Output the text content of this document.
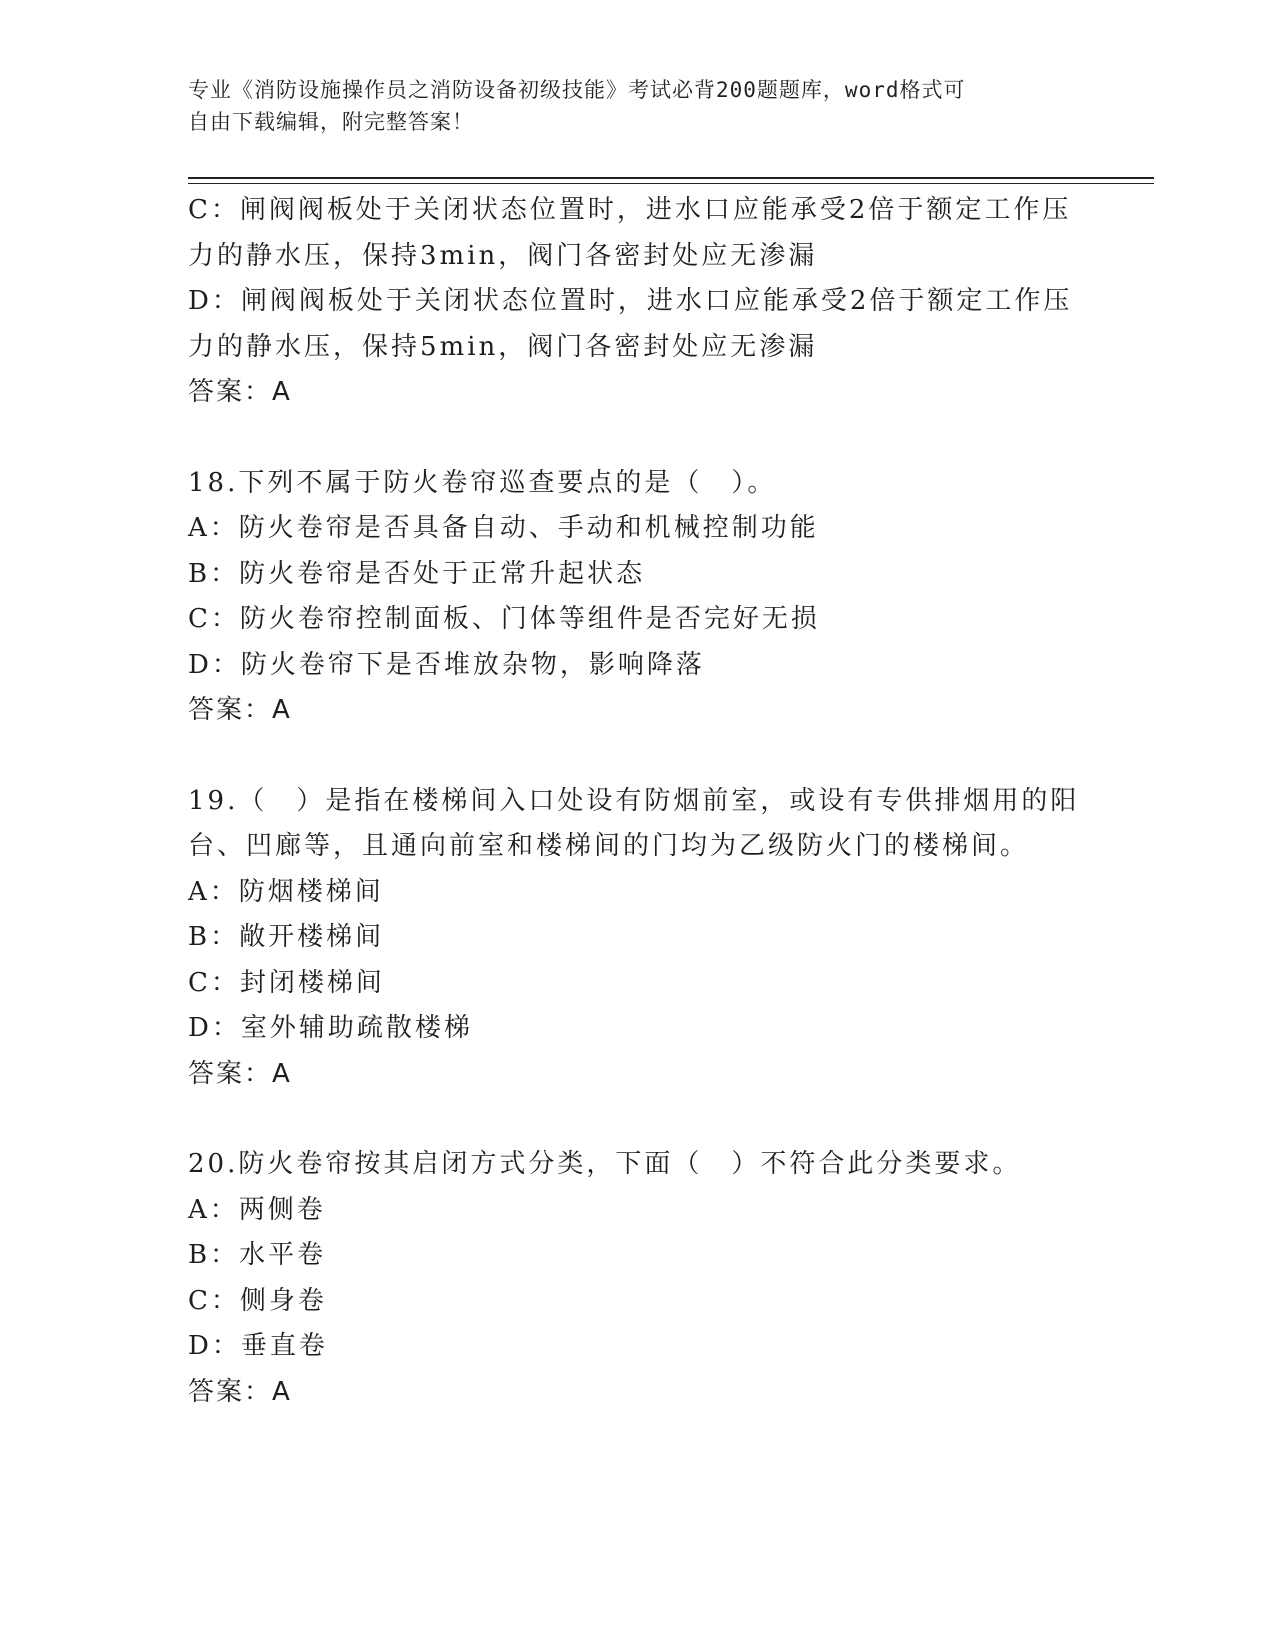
专业《消防设施操作员之消防设备初级技能》考试必背200题题库，word格式可
自由下载编辑，附完整答案！
C：闸阀阀板处于关闭状态位置时，进水口应能承受2倍于额定工作压
力的静水压，保持3min，阀门各密封处应无渗漏
D：闸阀阀板处于关闭状态位置时，进水口应能承受2倍于额定工作压
力的静水压，保持5min，阀门各密封处应无渗漏
答案：A
18.下列不属于防火卷帘巡查要点的是（　）。
A：防火卷帘是否具备自动、手动和机械控制功能
B：防火卷帘是否处于正常升起状态
C：防火卷帘控制面板、门体等组件是否完好无损
D：防火卷帘下是否堆放杂物，影响降落
答案：A
19.（　）是指在楼梯间入口处设有防烟前室，或设有专供排烟用的阳
台、凹廊等，且通向前室和楼梯间的门均为乙级防火门的楼梯间。
A：防烟楼梯间
B：敞开楼梯间
C：封闭楼梯间
D：室外辅助疏散楼梯
答案：A
20.防火卷帘按其启闭方式分类，下面（　）不符合此分类要求。
A：两侧卷
B：水平卷
C：侧身卷
D：垂直卷
答案：A
